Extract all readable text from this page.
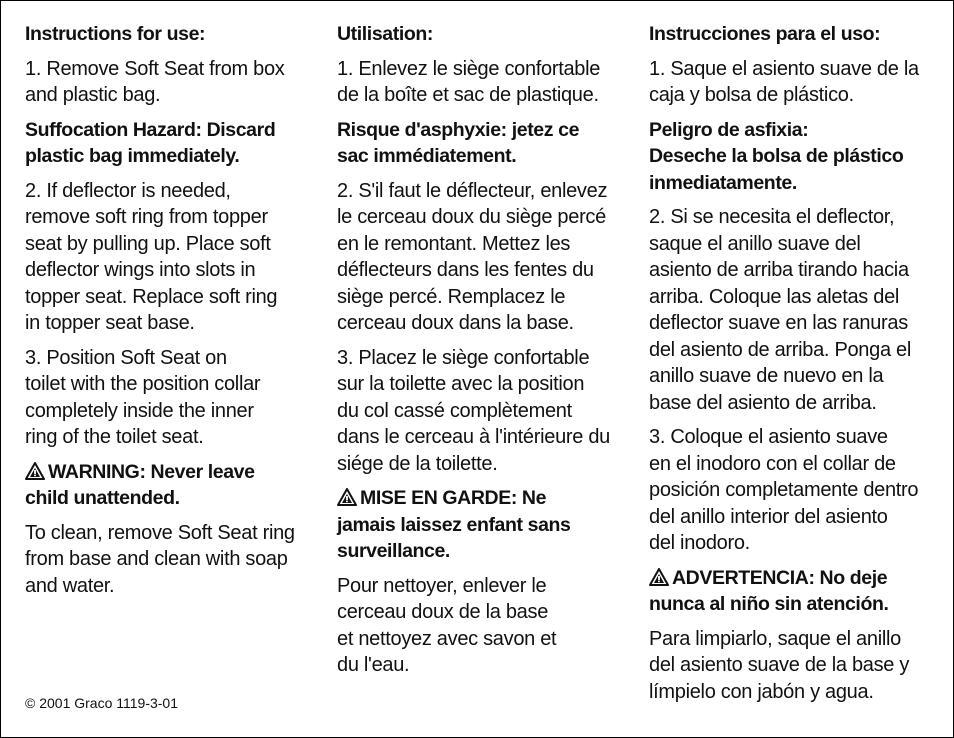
Instructions for use:

1. Remove Soft Seat from box
and plastic bag.

Suffocation Hazard: Discard
plastic bag immediately.

2. If deflector is needed,
remove soft ring from topper
seat by pulling up. Place soft
deflector wings into slots in
topper seat. Replace soft ring
in topper seat base.

3. Position Soft Seat on
toilet with the position collar
completely inside the inner
ring of the toilet seat.

WARNING: Never leave
child unattended.

To clean, remove Soft Seat ring
from base and clean with soap
and water.

Utilisation:

1. Enlevez le siège confortable
de la boîte et sac de plastique.

Risque d'asphyxie: jetez ce
sac immédiatement.

2. S'il faut le déflecteur, enlevez
le cerceau doux du siège percé
en le remontant. Mettez les
déflecteurs dans les fentes du
siège percé. Remplacez le
cerceau doux dans la base.

3. Placez le siège confortable
sur la toilette avec la position
du col cassé complètement
dans le cerceau à l'intérieure du
siége de la toilette.

MISE EN GARDE: Ne
jamais laissez enfant sans
surveillance.

Pour nettoyer, enlever le
cerceau doux de la base
et nettoyez avec savon et
du l'eau.

Instrucciones para el uso:

1. Saque el asiento suave de la
caja y bolsa de plástico.

Peligro de asfixia:
Deseche la bolsa de plástico
inmediatamente.

2. Si se necesita el deflector,
saque el anillo suave del
asiento de arriba tirando hacia
arriba. Coloque las aletas del
deflector suave en las ranuras
del asiento de arriba. Ponga el
anillo suave de nuevo en la
base del asiento de arriba.

3. Coloque el asiento suave
en el inodoro con el collar de
posición completamente dentro
del anillo interior del asiento
del inodoro.

ADVERTENCIA: No deje
nunca al niño sin atención.

Para limpiarlo, saque el anillo
del asiento suave de la base y
límpielo con jabón y agua.

© 2001 Graco 1119-3-01
